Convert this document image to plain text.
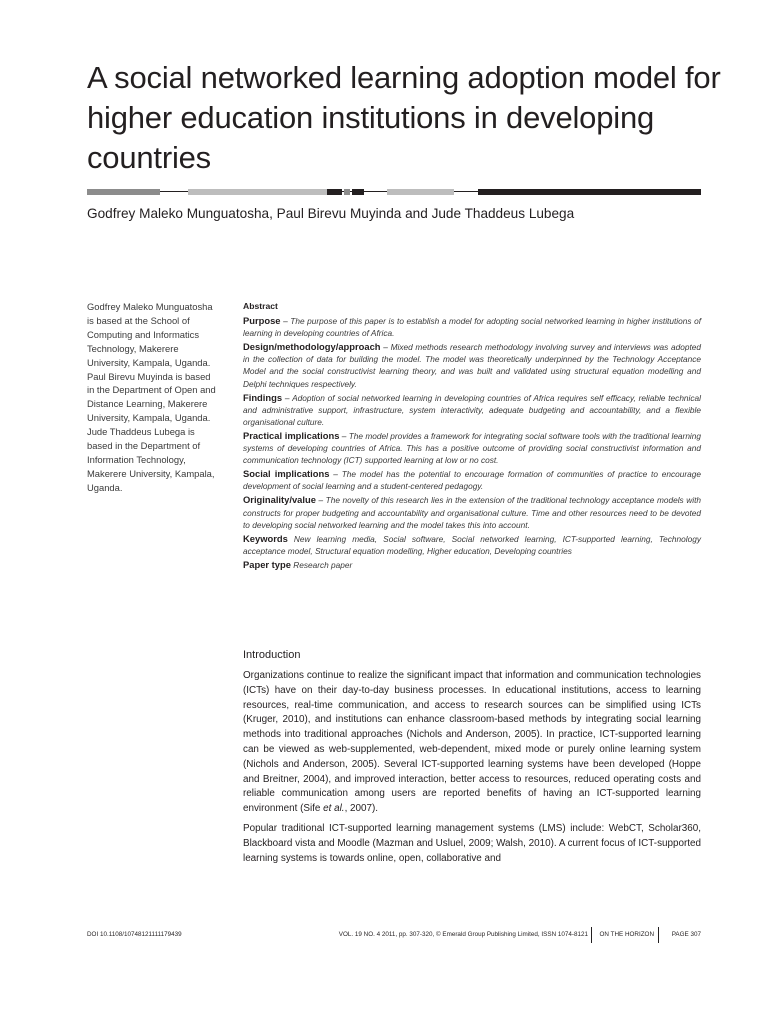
A social networked learning adoption model for higher education institutions in developing countries
Godfrey Maleko Munguatosha, Paul Birevu Muyinda and Jude Thaddeus Lubega

Godfrey Maleko Munguatosha is based at the School of Computing and Informatics Technology, Makerere University, Kampala, Uganda.

Paul Birevu Muyinda is based in the Department of Open and Distance Learning, Makerere University, Kampala, Uganda.

Jude Thaddeus Lubega is based in the Department of Information Technology, Makerere University, Kampala, Uganda.

Abstract

Purpose – The purpose of this paper is to establish a model for adopting social networked learning in higher institutions of learning in developing countries of Africa.

Design/methodology/approach – Mixed methods research methodology involving survey and interviews was adopted in the collection of data for building the model. The model was theoretically underpinned by the Technology Acceptance Model and the social constructivist learning theory, and was built and validated using structural equation modelling and Delphi techniques respectively.

Findings – Adoption of social networked learning in developing countries of Africa requires self efficacy, reliable technical and administrative support, infrastructure, system interactivity, adequate budgeting and accountability, and a flexible organisational culture.

Practical implications – The model provides a framework for integrating social software tools with the traditional learning systems of developing countries of Africa. This has a positive outcome of providing social constructivist information and communication technology (ICT) supported learning at low or no cost.

Social implications – The model has the potential to encourage formation of communities of practice to encourage development of social learning and a student-centered pedagogy.

Originality/value – The novelty of this research lies in the extension of the traditional technology acceptance models with constructs for proper budgeting and accountability and organisational culture. Time and other resources need to be devoted to developing social networked learning and the model takes this into account.

Keywords New learning media, Social software, Social networked learning, ICT-supported learning, Technology acceptance model, Structural equation modelling, Higher education, Developing countries

Paper type Research paper

Introduction

Organizations continue to realize the significant impact that information and communication technologies (ICTs) have on their day-to-day business processes. In educational institutions, access to learning resources, real-time communication, and access to research sources can be simplified using ICTs (Kruger, 2010), and institutions can enhance classroom-based methods by integrating social learning methods into traditional approaches (Nichols and Anderson, 2005). In practice, ICT-supported learning can be viewed as web-supplemented, web-dependent, mixed mode or purely online learning system (Nichols and Anderson, 2005). Several ICT-supported learning systems have been developed (Hoppe and Breitner, 2004), and improved interaction, better access to resources, reduced operating costs and reliable communication among users are reported benefits of having an ICT-supported learning environment (Sife et al., 2007).

Popular traditional ICT-supported learning management systems (LMS) include: WebCT, Scholar360, Blackboard vista and Moodle (Mazman and Usluel, 2009; Walsh, 2010). A current focus of ICT-supported learning systems is towards online, open, collaborative and

DOI 10.1108/10748121111179439	VOL. 19 NO. 4 2011, pp. 307-320, © Emerald Group Publishing Limited, ISSN 1074-8121 ON THE HORIZON	PAGE 307
